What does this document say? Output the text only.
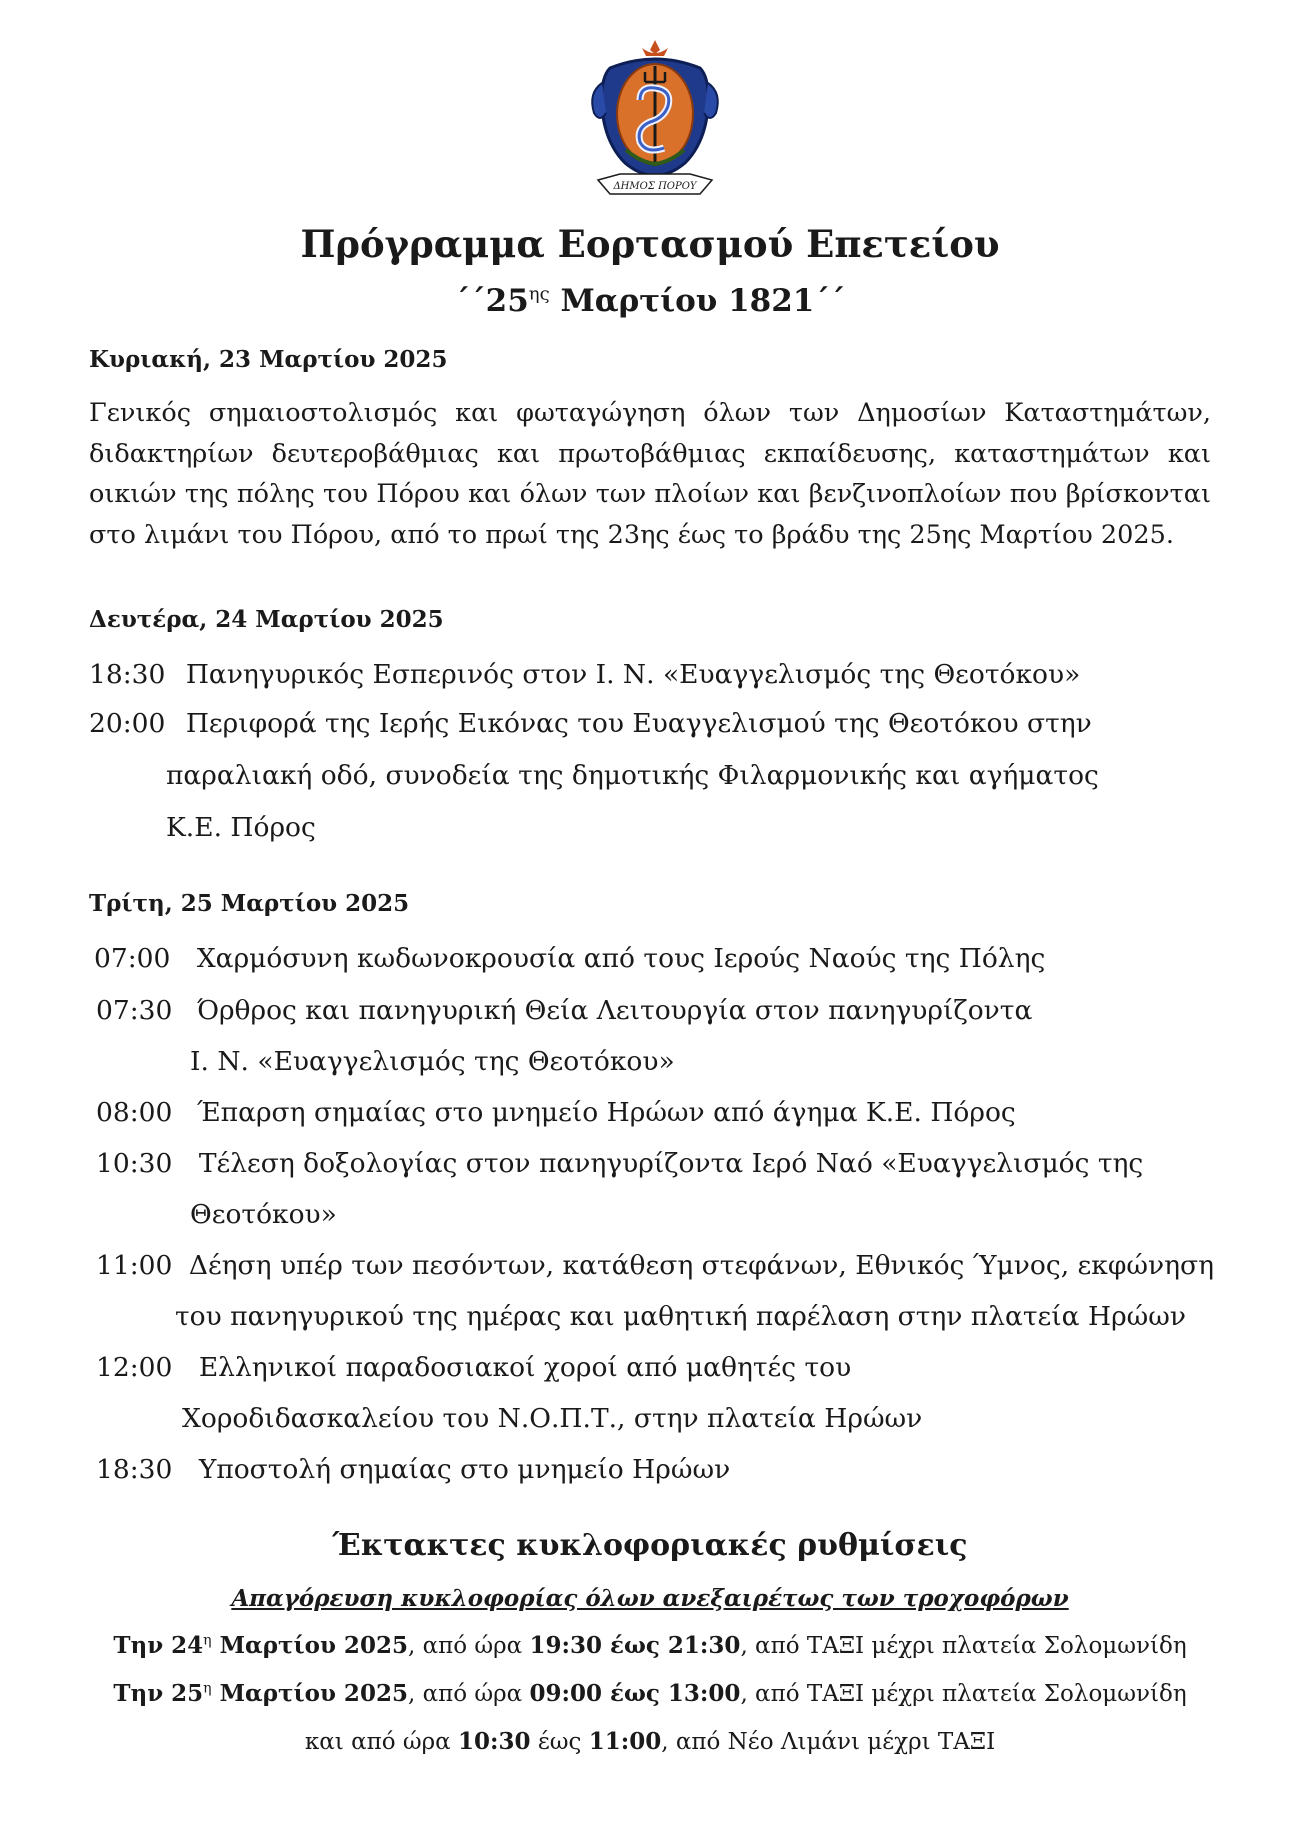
ΔΗΜΟΣ ΠΟΡΟΥ
Πρόγραμμα Εορτασμού Επετείου
$΄΄25^{\eta\varsigma}$ Μαρτίου 1821΄΄
Κυριακή, 23 Μαρτίου 2025
Γενικός σημαιοστολισμός και φωταγώγηση όλων των Δημοσίων Καταστημάτων, διδακτηρίων δευτεροβάθμιας και πρωτοβάθμιας εκπαίδευσης, καταστημάτων και οικιών της πόλης του Πόρου και όλων των πλοίων και βενζινοπλοίων που βρίσκονται στο λιμάνι του Πόρου, από το πρωί της 23ης έως το βράδυ της 25ης Μαρτίου 2025.
Δευτέρα, 24 Μαρτίου 2025
18:30 Πανηγυρικός Εσπερινός στον Ι. Ν. «Ευαγγελισμός της Θεοτόκου»
20:00 Περιφορά της Ιερής Εικόνας του Ευαγγελισμού της Θεοτόκου στην
παραλιακή οδό, συνοδεία της δημοτικής Φιλαρμονικής και αγήματος
Κ.Ε. Πόρος
Τρίτη, 25 Μαρτίου 2025
07:00 Χαρμόσυνη κωδωνοκρουσία από τους Ιερούς Ναούς της Πόλης
07:30 Όρθρος και πανηγυρική Θεία Λειτουργία στον πανηγυρίζοντα
Ι. Ν. «Ευαγγελισμός της Θεοτόκου»
08:00 Έπαρση σημαίας στο μνημείο Ηρώων από άγημα Κ.Ε. Πόρος
10:30 Τέλεση δοξολογίας στον πανηγυρίζοντα Ιερό Ναό «Ευαγγελισμός της
Θεοτόκου»
11:00 Δέηση υπέρ των πεσόντων, κατάθεση στεφάνων, Εθνικός Ύμνος, εκφώνηση
του πανηγυρικού της ημέρας και μαθητική παρέλαση στην πλατεία Ηρώων
12:00 Ελληνικοί παραδοσιακοί χοροί από μαθητές του
Χοροδιδασκαλείου του Ν.Ο.Π.Τ., στην πλατεία Ηρώων
18:30 Υποστολή σημαίας στο μνημείο Ηρώων
Έκτακτες κυκλοφοριακές ρυθμίσεις
Απαγόρευση κυκλοφορίας όλων ανεξαιρέτως των τροχοφόρων
Την $24^\eta$ Μαρτίου 2025, από ώρα 19:30 έως 21:30, από ΤΑΞΙ μέχρι πλατεία Σολομωνίδη
Την $25^\eta$ Μαρτίου 2025, από ώρα 09:00 έως 13:00, από ΤΑΞΙ μέχρι πλατεία Σολομωνίδη
και από ώρα 10:30 έως 11:00, από Νέο Λιμάνι μέχρι ΤΑΞΙ
